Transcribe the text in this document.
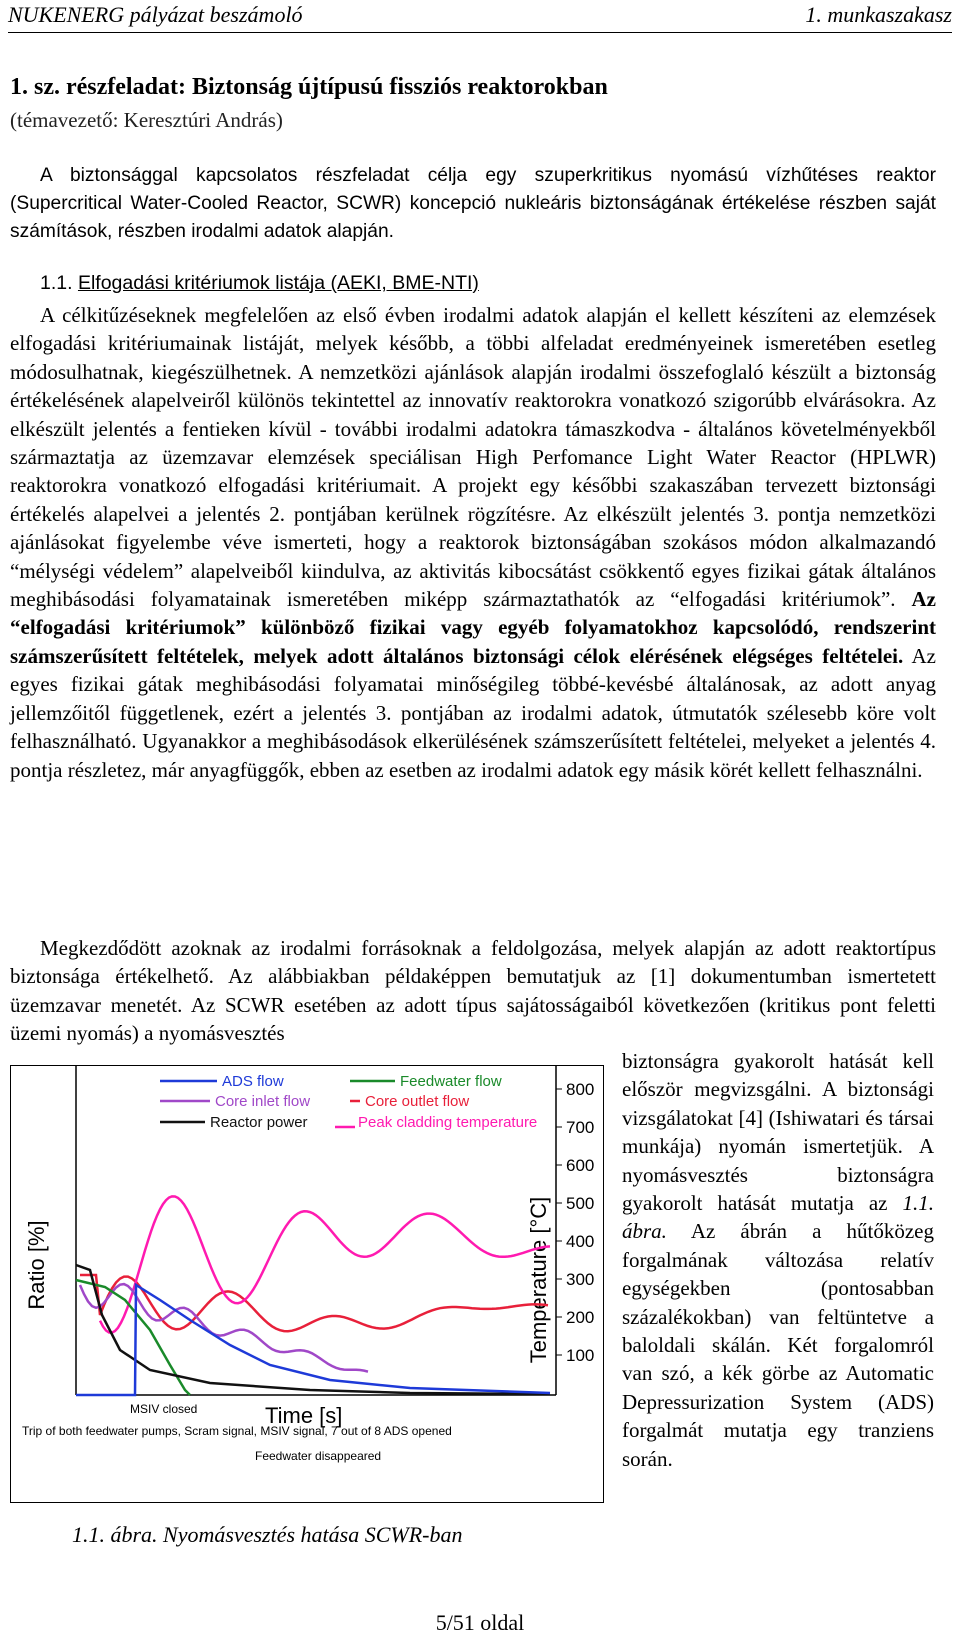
NUKENERG pályázat beszámoló	1. munkaszakasz
1. sz. részfeladat: Biztonság újtípusú fissziós reaktorokban
(témavezető: Keresztúri András)

A biztonsággal kapcsolatos részfeladat célja egy szuperkritikus nyomású vízhűtéses reaktor (Supercritical Water-Cooled Reactor, SCWR) koncepció nukleáris biztonságának értékelése részben saját számítások, részben irodalmi adatok alapján.

1.1. Elfogadási kritériumok listája (AEKI, BME-NTI)

A célkitűzéseknek megfelelően az első évben irodalmi adatok alapján el kellett készíteni az elemzések elfogadási kritériumainak listáját, melyek később, a többi alfeladat eredményeinek ismeretében esetleg módosulhatnak, kiegészülhetnek. A nemzetközi ajánlások alapján irodalmi összefoglaló készült a biztonság értékelésének alapelveiről különös tekintettel az innovatív reaktorokra vonatkozó szigorúbb elvárásokra. Az elkészült jelentés a fentieken kívül - további irodalmi adatokra támaszkodva - általános követelményekből származtatja az üzemzavar elemzések speciálisan High Perfomance Light Water Reactor (HPLWR) reaktorokra vonatkozó elfogadási kritériumait. A projekt egy későbbi szakaszában tervezett biztonsági értékelés alapelvei a jelentés 2. pontjában kerülnek rögzítésre. Az elkészült jelentés 3. pontja nemzetközi ajánlásokat figyelembe véve ismerteti, hogy a reaktorok biztonságában szokásos módon alkalmazandó “mélységi védelem” alapelveiből kiindulva, az aktivitás kibocsátást csökkentő egyes fizikai gátak általános meghibásodási folyamatainak ismeretében miképp származtathatók az “elfogadási kritériumok”. Az “elfogadási kritériumok” különböző fizikai vagy egyéb folyamatokhoz kapcsolódó, rendszerint számszerűsített feltételek, melyek adott általános biztonsági célok elérésének elégséges feltételei. Az egyes fizikai gátak meghibásodási folyamatai minőségileg többé-kevésbé általánosak, az adott anyag jellemzőitől függetlenek, ezért a jelentés 3. pontjában az irodalmi adatok, útmutatók szélesebb köre volt felhasználható. Ugyanakkor a meghibásodások elkerülésének számszerűsített feltételei, melyeket a jelentés 4. pontja részletez, már anyagfüggők, ebben az esetben az irodalmi adatok egy másik körét kellett felhasználni.

Megkezdődött azoknak az irodalmi forrásoknak a feldolgozása, melyek alapján az adott reaktortípus biztonsága értékelhető. Az alábbiakban példaképpen bemutatjuk az [1] dokumentumban ismertetett üzemzavar menetét. Az SCWR esetében az adott típus sajátosságaiból következően (kritikus pont feletti üzemi nyomás) a nyomásvesztés

biztonságra gyakorolt hatását kell először megvizsgálni. A biztonsági vizsgálatokat [4] (Ishiwatari és társai munkája) nyomán ismertetjük. A nyomásvesztés biztonságra gyakorolt hatását mutatja az 1.1. ábra. Az ábrán a hűtőközeg forgalmának változása relatív egységekben (pontosabban százalékokban) van feltüntetve a baloldali skálán. Két forgalomról van szó, a kék görbe az Automatic Depressurization System (ADS) forgalmát mutatja egy tranziens során.

100
200
300
400
500
600
700
800
Ratio [%]	Temperature [°C]
Time [s]
ADS flow	Feedwater flow
Core inlet flow	Core outlet flow
Reactor power	Peak cladding temperature
MSIV closed
Trip of both feedwater pumps, Scram signal, MSIV signal, 7 out of 8 ADS opened
Feedwater disappeared
1.1. ábra. Nyomásvesztés hatása SCWR-ban
5/51 oldal
